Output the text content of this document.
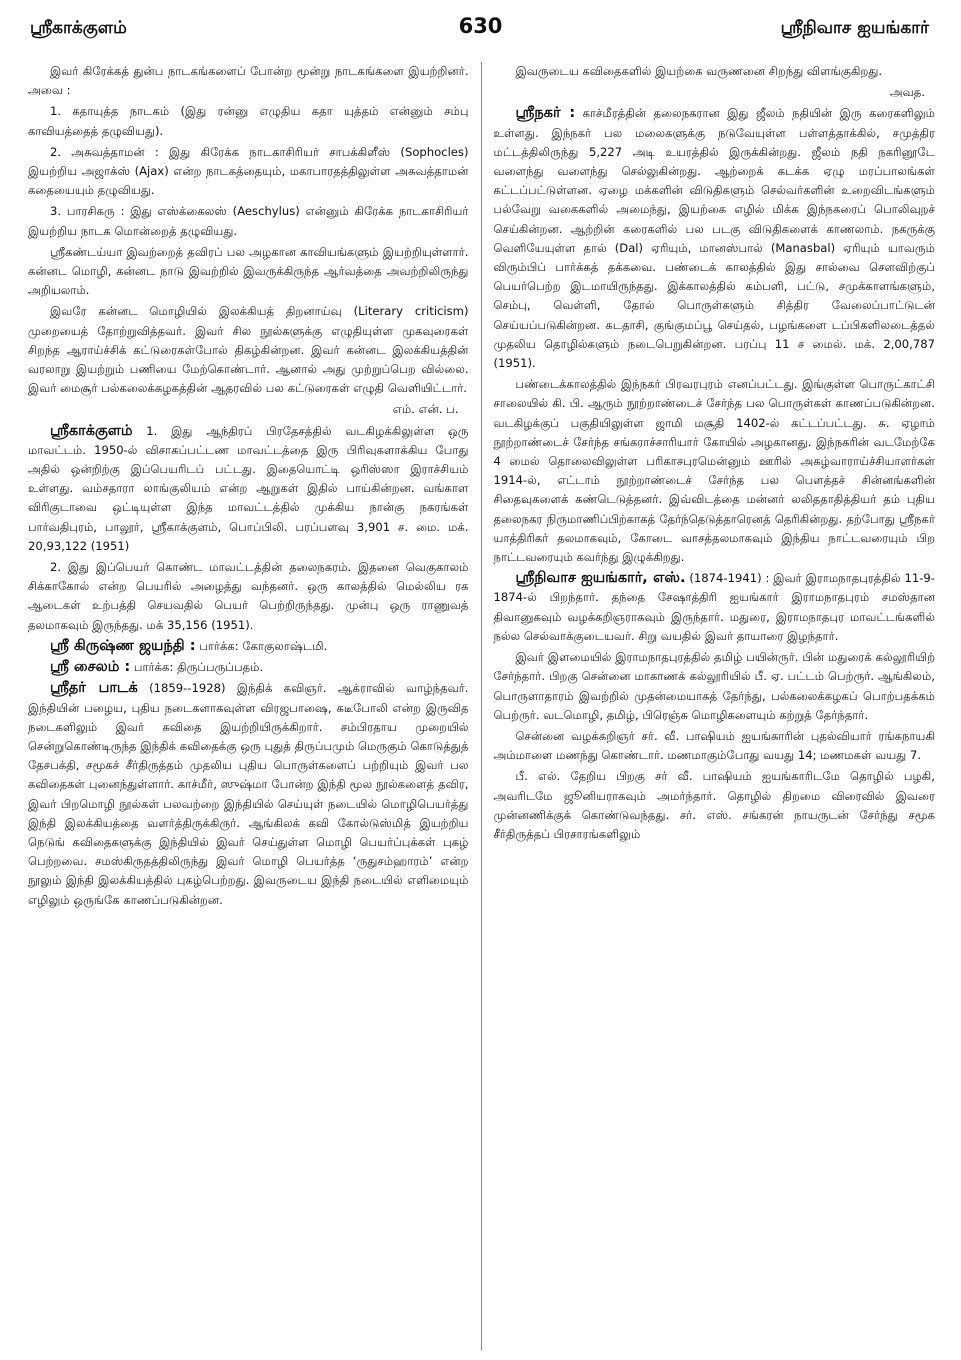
ஸ்ரீகாக்குளம்	630	ஸ்ரீநிவாச ஐயங்கார்

இவர் கிரேக்கத் துன்ப நாடகங்களைப் போன்ற மூன்று நாடகங்களை இயற்றினர். அவை :

1. கதாயுத்த நாடகம் (இது ரன்னு எழுதிய கதா யுத்தம் என்னும் சம்பு காவியத்தைத் தழுவியது).

2. அசுவத்தாமன் : இது கிரேக்க நாடகாசிரியர் சாபக்கிளீஸ் (Sophocles) இயற்றிய அஜாக்ஸ் (Ajax) என்ற நாடகத்தையும், மகாபாரதத்திலுள்ள அசுவத்தாமன் கதையையும் தழுவியது.

3. பாரசிகரு : இது எஸ்க்கைலஸ் (Aeschylus) என்னும் கிரேக்க நாடகாசிரியர் இயற்றிய நாடக மொன்றைத் தழுவியது.

ஸ்ரீகண்டய்யா இவற்றைத் தவிரப் பல அழகான காவியங்களும் இயற்றியுள்ளார். கன்னட மொழி, கன்னட நாடு இவற்றில் இவருக்கிருந்த ஆர்வத்தை அவற்றிலிருந்து அறியலாம்.

இவரே கன்னட மொழியில் இலக்கியத் திறனாய்வு (Literary criticism) முறையைத் தோற்றுவித்தவர். இவர் சில நூல்களுக்கு எழுதியுள்ள முகவுரைகள் சிறந்த ஆராய்ச்சிக் கட்டுரைகள்போல் திகழ்கின்றன. இவர் கன்னட இலக்கியத்தின் வரலாறு இயற்றும் பணியை மேற்கொண்டார். ஆனால் அது முற்றுப்பெற வில்லை. இவர் மைசூர் பல்கலைக்கழகத்தின் ஆதரவில் பல கட்டுரைகள் எழுதி வெளியிட்டார்.

எம். என். ப.

ஸ்ரீகாக்குளம் 1. இது ஆந்திரப் பிரதேசத்தில் வடகிழக்கிலுள்ள ஒரு மாவட்டம். 1950-ல் விசாகப்பட்டண மாவட்டத்தை இரு பிரிவுகளாக்கிய போது அதில் ஒன்றிற்கு இப்பெயரிடப் பட்டது. இதையொட்டி ஒரிஸ்ஸா இராச்சியம் உள்ளது. வம்சதாரா லாங்குலியம் என்ற ஆறுகள் இதில் பாய்கின்றன. வங்காள விரிகுடாவை ஒட்டியுள்ள இந்த மாவட்டத்தில் முக்கிய நான்கு நகரங்கள் பார்வதிபுரம், பாலூர், ஸ்ரீகாக்குளம், பொப்பிலி. பரப்பளவு 3,901 ச. மை. மக். 20,93,122 (1951)

2. இது இப்பெயர் கொண்ட மாவட்டத்தின் தலைநகரம். இதனை வெகுகாலம் சிக்காகோல் என்ற பெயரில் அழைத்து வந்தனர். ஒரு காலத்தில் மெல்லிய ரக ஆடைகள் உற்பத்தி செயவதில் பெயர் பெற்றிருந்தது. முன்பு ஒரு ராணுவத் தலமாகவும் இருந்தது. மக் 35,156 (1951).

ஸ்ரீ கிருஷ்ண ஜயந்தி : பார்க்க: கோகுலாஷ்டமி.

ஸ்ரீ சைலம் : பார்க்க: திருப்பருப்பதம்.

ஸ்ரீதர் பாடக் (1859--1928) இந்திக் கவிஞர். ஆக்ராவில் வாழ்ந்தவர். இந்தியின் பழைய, புதிய நடைகளாகவுள்ள விரஜபாஷை, கடீபோலி என்ற இருவித நடைகளிலும் இவர் கவிதை இயற்றியிருக்கிறார். சம்பிரதாய முறையில் சென்றுகொண்டிருந்த இந்திக் கவிதைக்கு ஒரு புதுத் திருப்பமும் மெருகும் கொடுத்துத் தேசபக்தி, சமூகச் சீர்திருத்தம் முதலிய புதிய பொருள்களைப் பற்றியும் இவர் பல கவிதைகள் புனைந்துள்ளார். காச்மீர், ஸுஷ்மா போன்ற இந்தி மூல நூல்களைத் தவிர, இவர் பிறமொழி நூல்கள் பலவற்றை இந்தியில் செய்யுள் நடையில் மொழிபெயர்த்து இந்தி இலக்கியத்தை வளர்த்திருக்கிருர். ஆங்கிலக் கவி கோல்டுஸ்மித் இயற்றிய நெடுங் கவிதைகளுக்கு இந்தியில் இவர் செய்துள்ள மொழி பெயர்ப்புக்கள் புகழ் பெற்றவை. சமஸ்கிருதத்திலிருந்து இவர் மொழி பெயர்த்த ‘ருதுசம்ஹாரம்’ என்ற நூலும் இந்தி இலக்கியத்தில் புகழ்பெற்றது. இவருடைய இந்தி நடையில் எளிமையும் எழிலும் ஒருங்கே காணப்படுகின்றன.

இவருடைய கவிதைகளில் இயற்கை வருணனை சிறந்து விளங்குகிறது.

அவத.

ஸ்ரீநகர் : காச்மீரத்தின் தலைநகரான இது ஜீலம் நதியின் இரு கரைகளிலும் உள்ளது. இந்நகர் பல மலைகளுக்கு நடுவேயுள்ள பள்ளத்தாக்கில், சமுத்திர மட்டத்திலிருந்து 5,227 அடி உயரத்தில் இருக்கின்றது. ஜீலம் நதி நகரினூடே வளைந்து வளைந்து செல்லுகின்றது. ஆற்றைக் கடக்க ஏழு மரப்பாலங்கள் கட்டப்பட்டுள்ளன. ஏழை மக்களின் விடுதிகளும் செல்வர்களின் உறைவிடங்களும் பல்வேறு வகைகளில் அமைந்து, இயற்கை எழில் மிக்க இந்நகரைப் பொலிவுறச் செய்கின்றன. ஆற்றின் கரைகளில் பல படகு விடுதிகளைக் காணலாம். நகருக்கு வெளியேயுள்ள தால் (Dal) ஏரியும், மானஸ்பால் (Manasbal) ஏரியும் யாவரும் விரும்பிப் பார்க்கத் தக்கவை. பண்டைக் காலத்தில் இது சால்வை செளவிற்குப் பெயர்பெற்ற இடமாயிருந்தது. இக்காலத்தில் கம்பளி, பட்டு, சமுக்காளங்களும், செம்பு, வெள்ளி, தோல் பொருள்களும் சித்திர வேலைப்பாட்டுடன் செய்யப்படுகின்றன. கடதாசி, குங்குமப்பூ செய்தல், பழங்களை டப்பிகளிலடைத்தல் முதலிய தொழில்களும் நடைபெறுகின்றன. பரப்பு 11 ச மைல். மக். 2,00,787 (1951).

பண்டைக்காலத்தில் இந்நகர் பிரவரபுரம் எனப்பட்டது. இங்குள்ள பொருட்காட்சி சாலையில் கி. பி. ஆரும் நூற்றாண்டைச் சேர்ந்த பல பொருள்கள் காணப்படுகின்றன. வடகிழக்குப் பகுதியிலுள்ள ஜாமி மசூதி 1402-ல் கட்டப்பட்டது. சு. ஏழாம் நூற்றாண்டைச் சேர்ந்த சங்கராச்சாரியார் கோயில் அழகானது. இந்நகரின் வடமேற்கே 4 மைல் தொலைவிலுள்ள பரிகாசபுரமென்னும் ஊரில் அகழ்வாராய்ச்சியாளர்கள் 1914-ல், எட்டாம் நூற்றாண்டைச் சேர்ந்த பல பௌத்தச் சின்னங்களின் சிதைவுகளைக் கண்டெடுத்தனர். இவ்விடத்தை மன்னர் லலிததாதித்தியர் தம் புதிய தலைநகர நிருமாணிப்பிற்காகத் தேர்ந்தெடுத்தாரெனத் தெரிகின்றது. தற்போது ஸ்ரீநகர் யாத்திரிகர் தலமாகவும், கோடை வாசத்தலமாகவும் இந்திய நாட்டவரையும் பிற நாட்டவரையும் கவர்ந்து இழுக்கிறது.

ஸ்ரீநிவாச ஐயங்கார், எஸ். (1874-1941) : இவர் இராமநாதபுரத்தில் 11-9-1874-ல் பிறந்தார். தந்தை சேஷாத்திரி ஐயங்கார் இராமநாதபுரம் சமஸ்தான திவானுகவும் வழக்கறிஞராகவும் இருந்தார். மதுரை, இராமநாதபுர மாவட்டங்களில் நல்ல செல்வாக்குடையவர். சிறு வயதில் இவர் தாயாரை இழந்தார்.

இவர் இளமையில் இராமநாதபுரத்தில் தமிழ் பயின்ருர். பின் மதுரைக் கல்லூரியிற் சேர்ந்தார். பிறகு சென்னை மாகாணக் கல்லூரியில் பீ. ஏ. பட்டம் பெற்ருர். ஆங்கிலம், பொருளாதாரம் இவற்றில் முதன்மையாகத் தேர்ந்து, பல்கலைக்கழகப் பொற்பதக்கம் பெற்ருர். வடமொழி, தமிழ், பிரெஞ்சு மொழிகளையும் கற்றுத் தேர்ந்தார்.

சென்னை வழக்கறிஞர் சர். வீ. பாஷியம் ஐயங்காரின் புதல்வியார் ரங்கநாயகி அம்மாளை மணந்து கொண்டார். மணமாகும்போது வயது 14; மணமகள் வயது 7.

பீ. எல். தேறிய பிறகு சர் வீ. பாஷியம் ஐயங்காரிடமே தொழில் பழகி, அவரிடமே ஜூனியராகவும் அமர்ந்தார். தொழில் திறமை விரைவில் இவரை முன்னணிக்குக் கொண்டுவந்தது. சர். எஸ். சங்கரன் நாயருடன் சேர்ந்து சமூக சீர்திருத்தப் பிரசாரங்களிலும்
